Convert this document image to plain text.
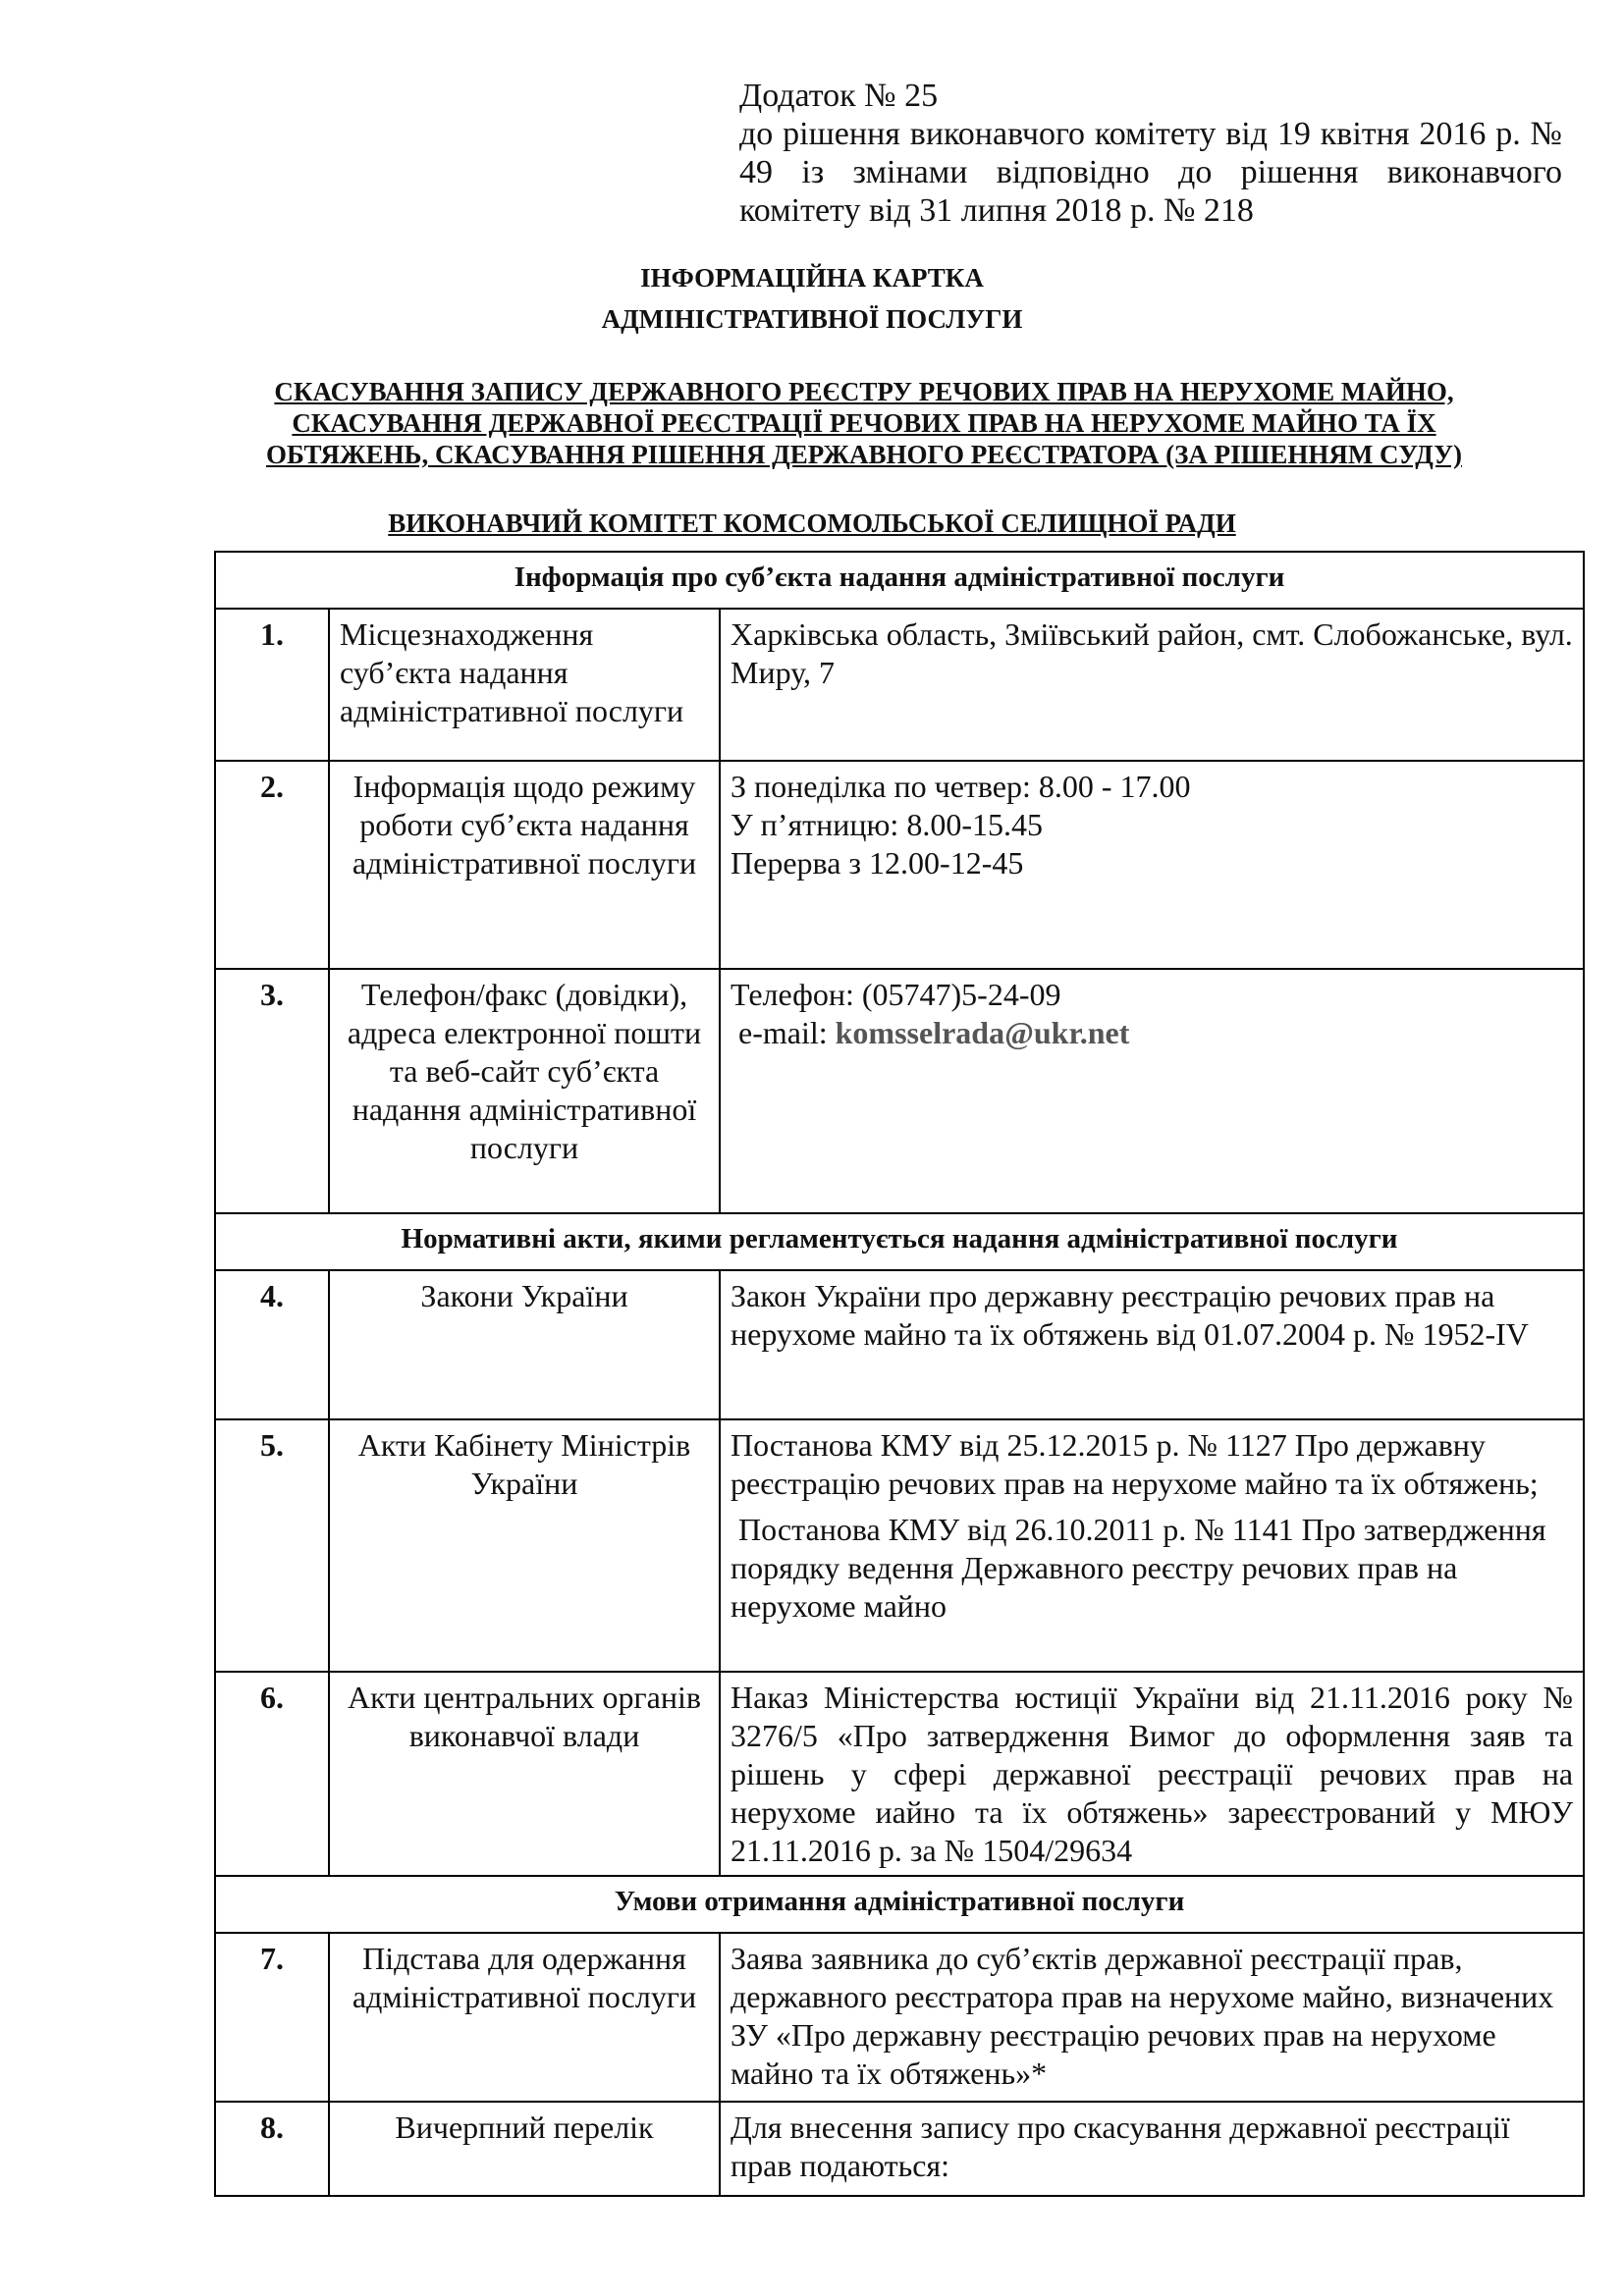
Додаток № 25
до рішення виконавчого комітету від 19 квітня 2016 р. № 49 із змінами відповідно до рішення виконавчого комітету від 31 липня 2018 р. № 218
ІНФОРМАЦІЙНА КАРТКА
АДМІНІСТРАТИВНОЇ ПОСЛУГИ
СКАСУВАННЯ ЗАПИСУ ДЕРЖАВНОГО РЕЄСТРУ РЕЧОВИХ ПРАВ НА НЕРУХОМЕ МАЙНО,
СКАСУВАННЯ ДЕРЖАВНОЇ РЕЄСТРАЦІЇ РЕЧОВИХ ПРАВ НА НЕРУХОМЕ МАЙНО ТА ЇХ
ОБТЯЖЕНЬ, СКАСУВАННЯ РІШЕННЯ ДЕРЖАВНОГО РЕЄСТРАТОРА (ЗА РІШЕННЯМ СУДУ)
ВИКОНАВЧИЙ КОМІТЕТ КОМСОМОЛЬСЬКОЇ СЕЛИЩНОЇ РАДИ
Інформація про суб’єкта надання адміністративної послуги		
1.	Місцезнаходження суб’єкта надання адміністративної послуги	Харківська область, Зміївський район, смт. Слобожанське, вул. Миру, 7
2.	Інформація щодо режиму роботи суб’єкта надання адміністративної послуги	З понеділка по четвер: 8.00 - 17.00
У п’ятницю: 8.00-15.45
Перерва з 12.00-12-45

3.	Телефон/факс (довідки), адреса електронної пошти та веб-сайт суб’єкта надання адміністративної послуги	Телефон: (05747)5-24-09
e-mail: komsselrada@ukr.net

Нормативні акти, якими регламентується надання адміністративної послуги		
4.	Закони України	Закон України про державну реєстрацію речових прав на нерухоме майно та їх обтяжень від 01.07.2004 р. № 1952-IV
5.	Акти Кабінету Міністрів України	Постанова КМУ від 25.12.2015 р. № 1127 Про державну реєстрацію речових прав на нерухоме майно та їх обтяжень;
Постанова КМУ від 26.10.2011 р. № 1141 Про затвердження порядку ведення Державного реєстру речових прав на нерухоме майно

6.	Акти центральних органів виконавчої влади	Наказ Міністерства юстиції України від 21.11.2016 року № 3276/5 «Про затвердження Вимог до оформлення заяв та рішень у сфері державної реєстрації речових прав на нерухоме иайно та їх обтяжень» зареєстрований у МЮУ 21.11.2016 р. за № 1504/29634

Умови отримання адміністративної послуги		
7.	Підстава для одержання адміністративної послуги	Заява заявника до суб’єктів державної реєстрації прав, державного реєстратора прав на нерухоме майно, визначених ЗУ «Про державну реєстрацію речових прав на нерухоме майно та їх обтяжень»*
8.	Вичерпний перелік	Для внесення запису про скасування державної реєстрації прав подаються:
